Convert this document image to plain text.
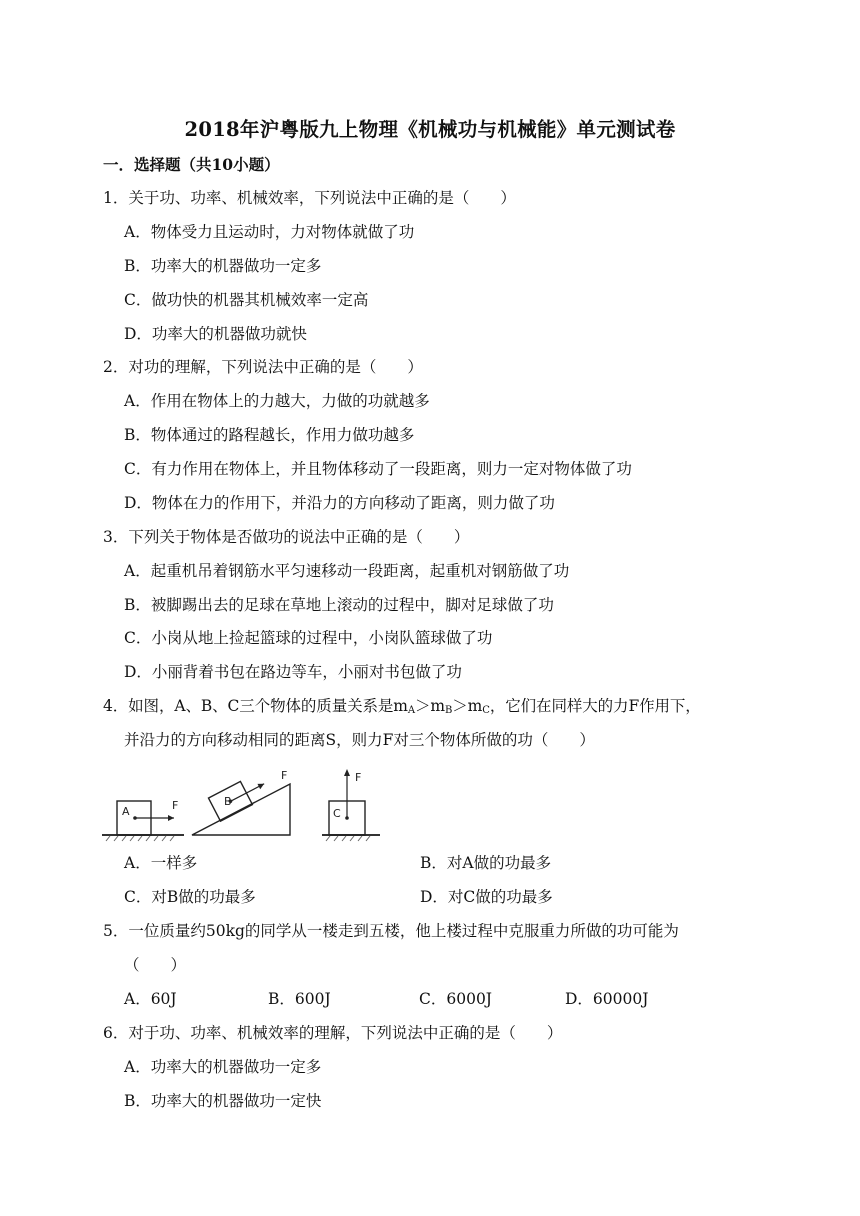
2018年沪粤版九上物理《机械功与机械能》单元测试卷
一．选择题（共10小题）
1．关于功、功率、机械效率，下列说法中正确的是（　　）
A．物体受力且运动时，力对物体就做了功
B．功率大的机器做功一定多
C．做功快的机器其机械效率一定高
D．功率大的机器做功就快
2．对功的理解，下列说法中正确的是（　　）
A．作用在物体上的力越大，力做的功就越多
B．物体通过的路程越长，作用力做功越多
C．有力作用在物体上，并且物体移动了一段距离，则力一定对物体做了功
D．物体在力的作用下，并沿力的方向移动了距离，则力做了功
3．下列关于物体是否做功的说法中正确的是（　　）
A．起重机吊着钢筋水平匀速移动一段距离，起重机对钢筋做了功
B．被脚踢出去的足球在草地上滚动的过程中，脚对足球做了功
C．小岗从地上捡起篮球的过程中，小岗队篮球做了功
D．小丽背着书包在路边等车，小丽对书包做了功
4．如图，A、B、C三个物体的质量关系是$m_A>m_B>m_C$，它们在同样大的力F作用下，
并沿力的方向移动相同的距离S，则力F对三个物体所做的功（　　）
A	F	B
F
C
F
A．一样多	B．对A做的功最多
C．对B做的功最多	D．对C做的功最多
5．一位质量约50kg的同学从一楼走到五楼，他上楼过程中克服重力所做的功可能为
（　　）
A．60J	B．600J	C．6000J	D．60000J
6．对于功、功率、机械效率的理解，下列说法中正确的是（　　）
A．功率大的机器做功一定多
B．功率大的机器做功一定快
